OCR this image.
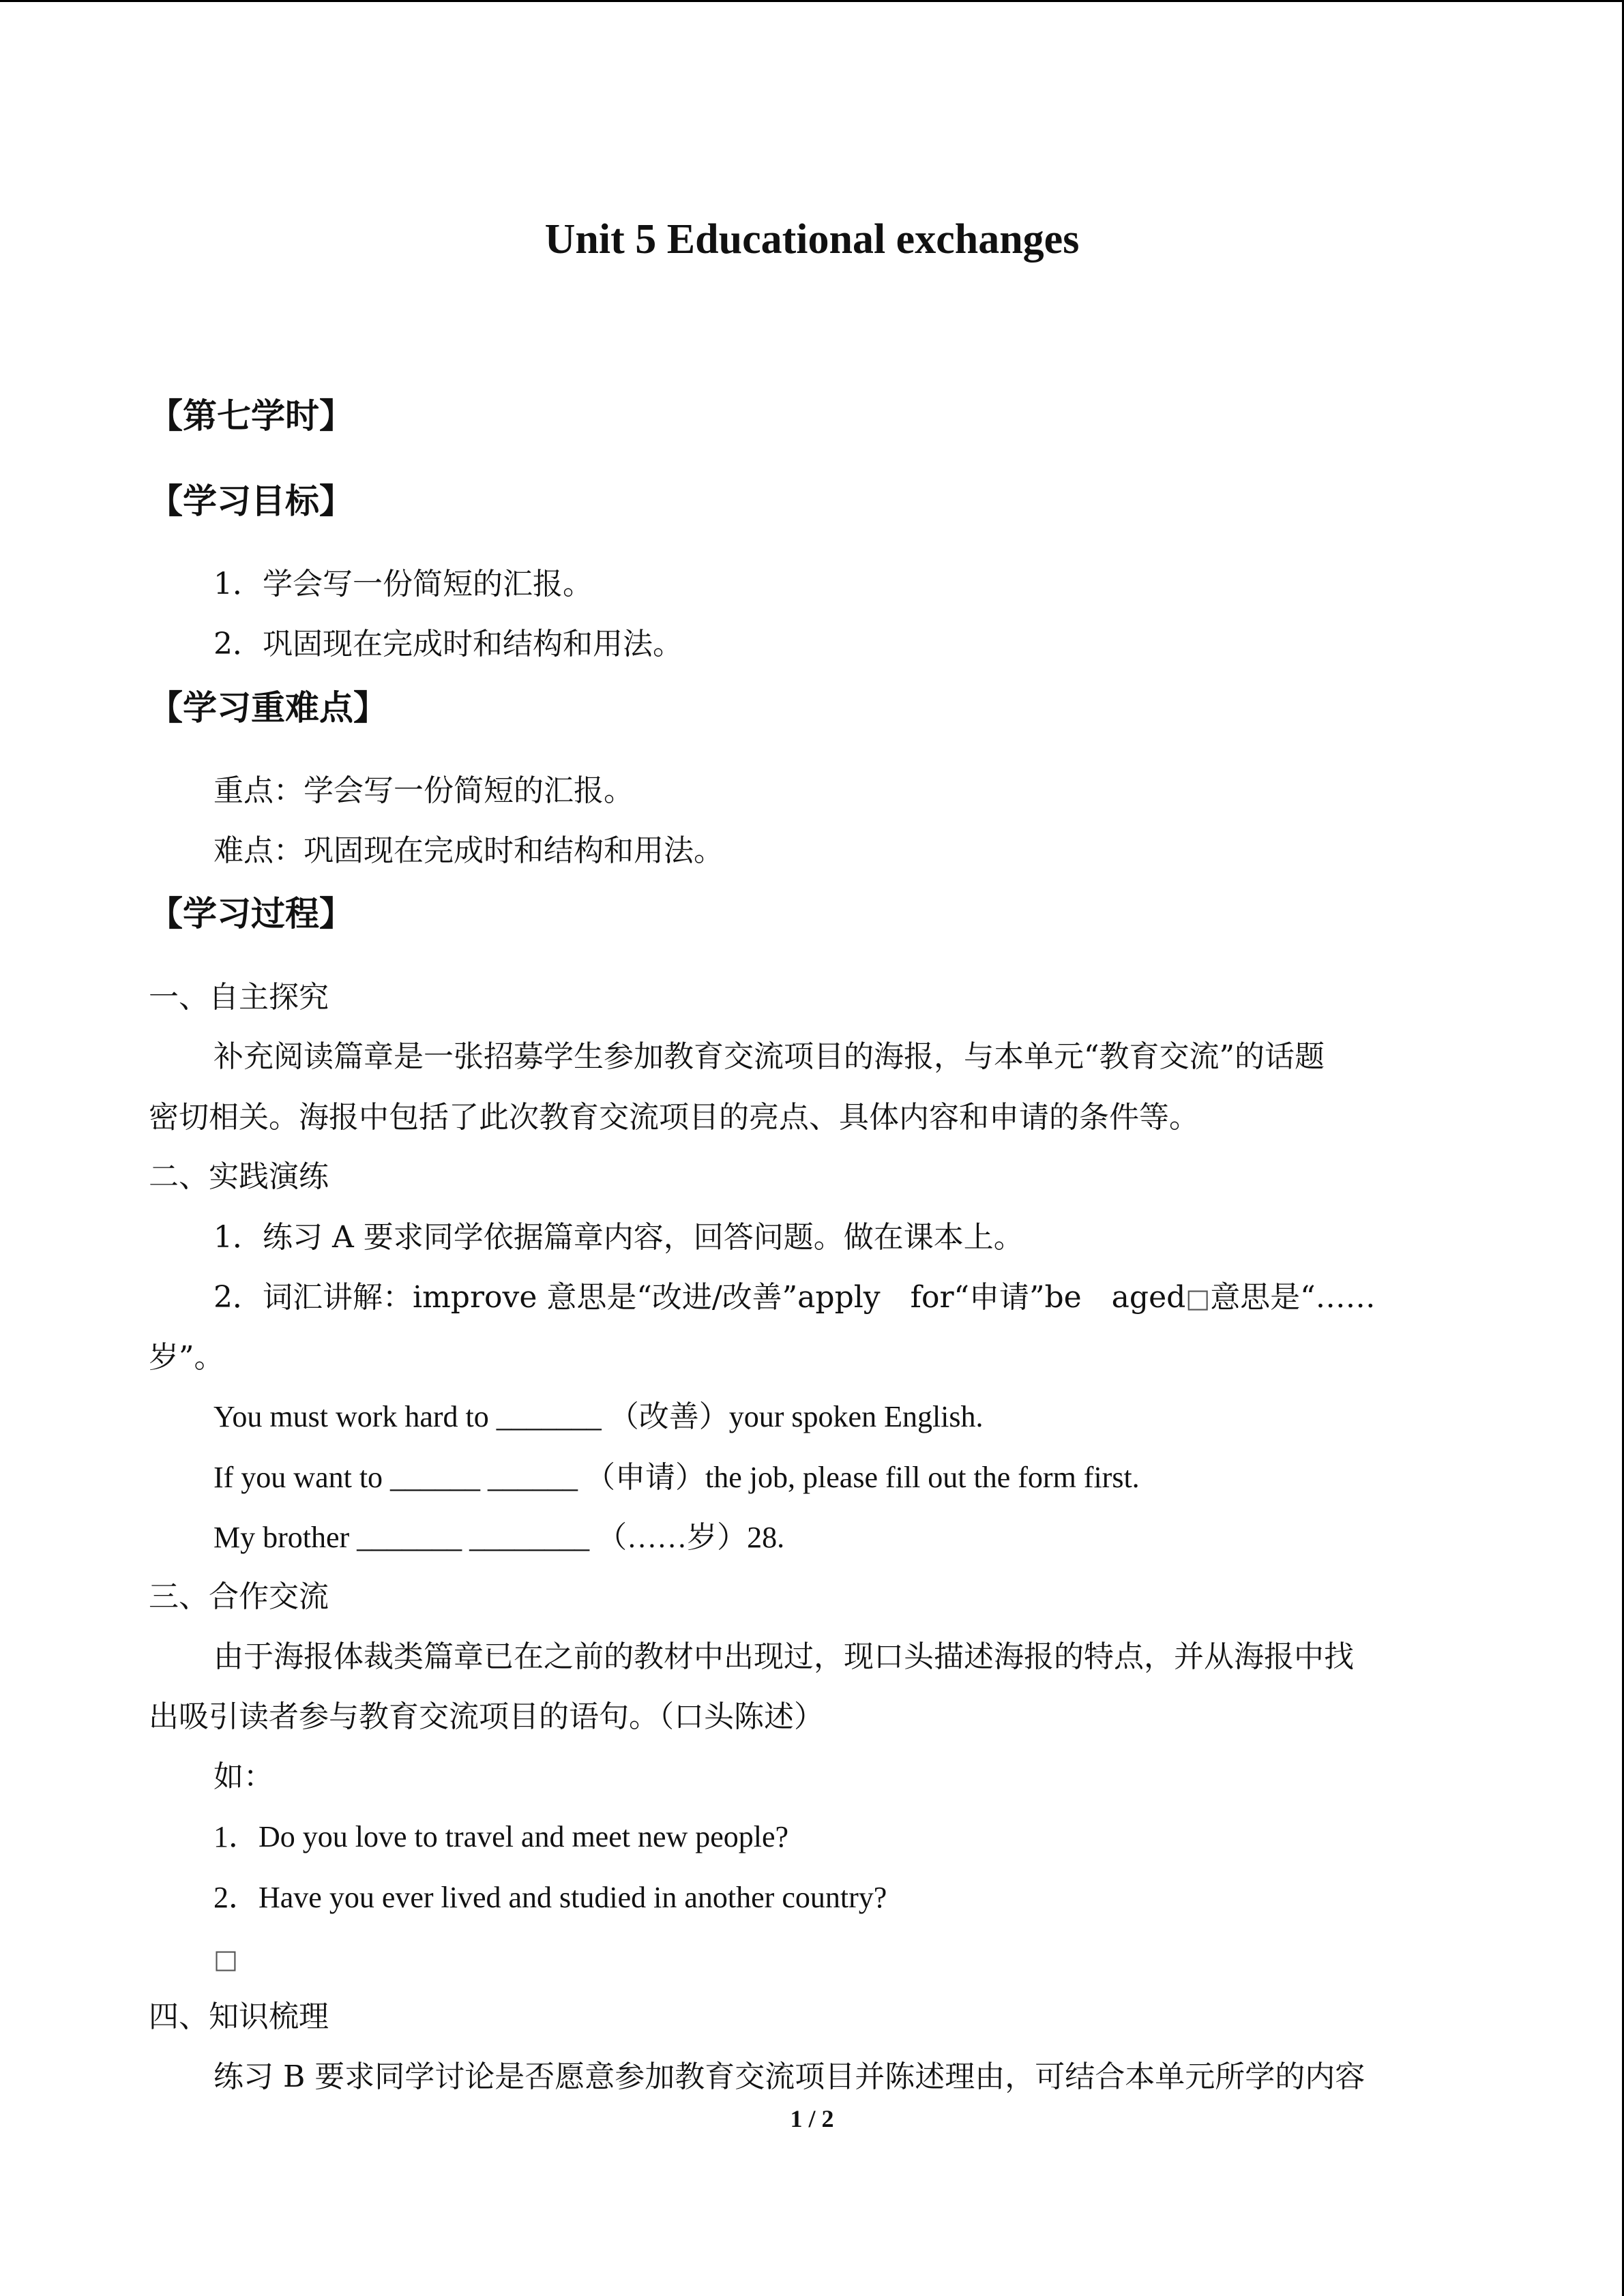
Unit 5 Educational exchanges
【第七学时】
【学习目标】
1．学会写一份简短的汇报。
2．巩固现在完成时和结构和用法。
【学习重难点】
重点：学会写一份简短的汇报。
难点：巩固现在完成时和结构和用法。
【学习过程】
一、自主探究
补充阅读篇章是一张招募学生参加教育交流项目的海报，与本单元“教育交流”的话题
密切相关。海报中包括了此次教育交流项目的亮点、具体内容和申请的条件等。
二、实践演练
1．练习 A 要求同学依据篇章内容，回答问题。做在课本上。
2．词汇讲解：improve 意思是“改进/改善”apply　for“申请”be　aged□意思是“……
岁”。
You must work hard to _______ （改善）your spoken English.
If you want to ______ ______ （申请）the job, please fill out the form first.
My brother _______ ________ （……岁）28.
三、合作交流
由于海报体裁类篇章已在之前的教材中出现过，现口头描述海报的特点，并从海报中找
出吸引读者参与教育交流项目的语句。（口头陈述）
如：
1．Do you love to travel and meet new people?
2．Have you ever lived and studied in another country?
□
四、知识梳理
练习 B 要求同学讨论是否愿意参加教育交流项目并陈述理由，可结合本单元所学的内容
1 / 2
